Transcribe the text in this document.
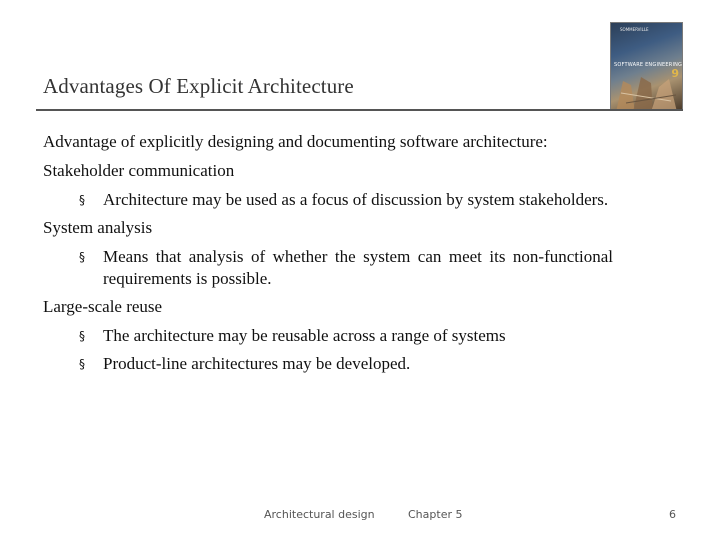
Advantages Of Explicit Architecture
SOMMERVILLE
SOFTWARE ENGINEERING
9

Advantage of explicitly designing and documenting software architecture:

Stakeholder communication

§ Architecture may be used as a focus of discussion by system stakeholders.

System analysis

§ Means that analysis of whether the system can meet its non-functional requirements is possible.

Large-scale reuse

§ The architecture may be reusable across a range of systems
§ Product-line architectures may be developed.
Architectural design	Chapter 5	6
